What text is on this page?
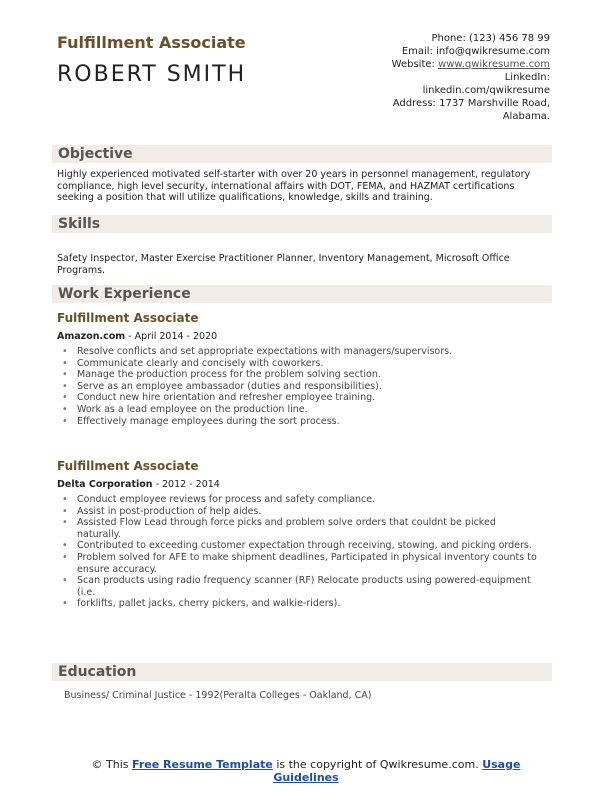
Fulfillment Associate
ROBERT SMITH
Phone: (123) 456 78 99
Email: info@qwikresume.com
Website: www.qwikresume.com
LinkedIn:
linkedin.com/qwikresume
Address: 1737 Marshville Road,
Alabama.
Objective
Highly experienced motivated self-starter with over 20 years in personnel management, regulatory compliance, high level security, international affairs with DOT, FEMA, and HAZMAT certifications seeking a position that will utilize qualifications, knowledge, skills and training.
Skills
Safety Inspector, Master Exercise Practitioner Planner, Inventory Management, Microsoft Office Programs.
Work Experience
Fulfillment Associate
Amazon.com - April 2014 - 2020
• Resolve conflicts and set appropriate expectations with managers/supervisors.
• Communicate clearly and concisely with coworkers.
• Manage the production process for the problem solving section.
• Serve as an employee ambassador (duties and responsibilities).
• Conduct new hire orientation and refresher employee training.
• Work as a lead employee on the production line.
• Effectively manage employees during the sort process.
Fulfillment Associate
Delta Corporation - 2012 - 2014
• Conduct employee reviews for process and safety compliance.
• Assist in post-production of help aides.
• Assisted Flow Lead through force picks and problem solve orders that couldnt be picked naturally.
• Contributed to exceeding customer expectation through receiving, stowing, and picking orders.
• Problem solved for AFE to make shipment deadlines, Participated in physical inventory counts to ensure accuracy.
• Scan products using radio frequency scanner (RF) Relocate products using powered-equipment (i.e.
• forklifts, pallet jacks, cherry pickers, and walkie-riders).
Education
Business/ Criminal Justice - 1992(Peralta Colleges - Oakland, CA)
© This Free Resume Template is the copyright of Qwikresume.com. Usage
Guidelines
